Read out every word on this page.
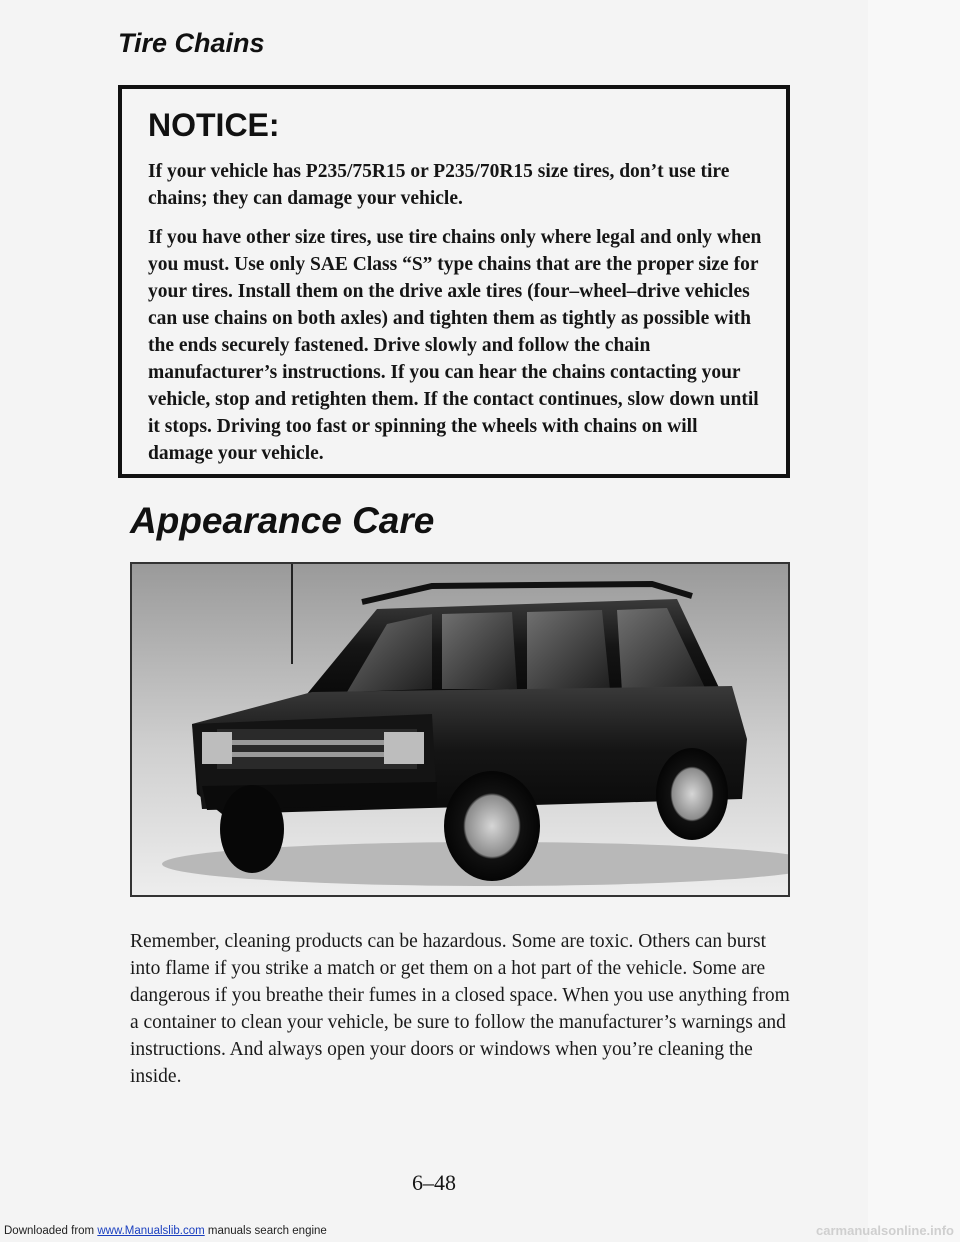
Tire Chains
NOTICE:

If your vehicle has P235/75R15 or P235/70R15 size tires, don’t use tire chains; they can damage your vehicle.

If you have other size tires, use tire chains only where legal and only when you must. Use only SAE Class “S” type chains that are the proper size for your tires. Install them on the drive axle tires (four–wheel–drive vehicles can use chains on both axles) and tighten them as tightly as possible with the ends securely fastened. Drive slowly and follow the chain manufacturer’s instructions. If you can hear the chains contacting your vehicle, stop and retighten them. If the contact continues, slow down until it stops. Driving too fast or spinning the wheels with chains on will damage your vehicle.

Appearance Care

Remember, cleaning products can be hazardous. Some are toxic. Others can burst into flame if you strike a match or get them on a hot part of the vehicle. Some are dangerous if you breathe their fumes in a closed space. When you use anything from a container to clean your vehicle, be sure to follow the manufacturer’s warnings and instructions. And always open your doors or windows when you’re cleaning the inside.

6–48
Downloaded from www.Manualslib.com manuals search engine	carmanualsonline.info
